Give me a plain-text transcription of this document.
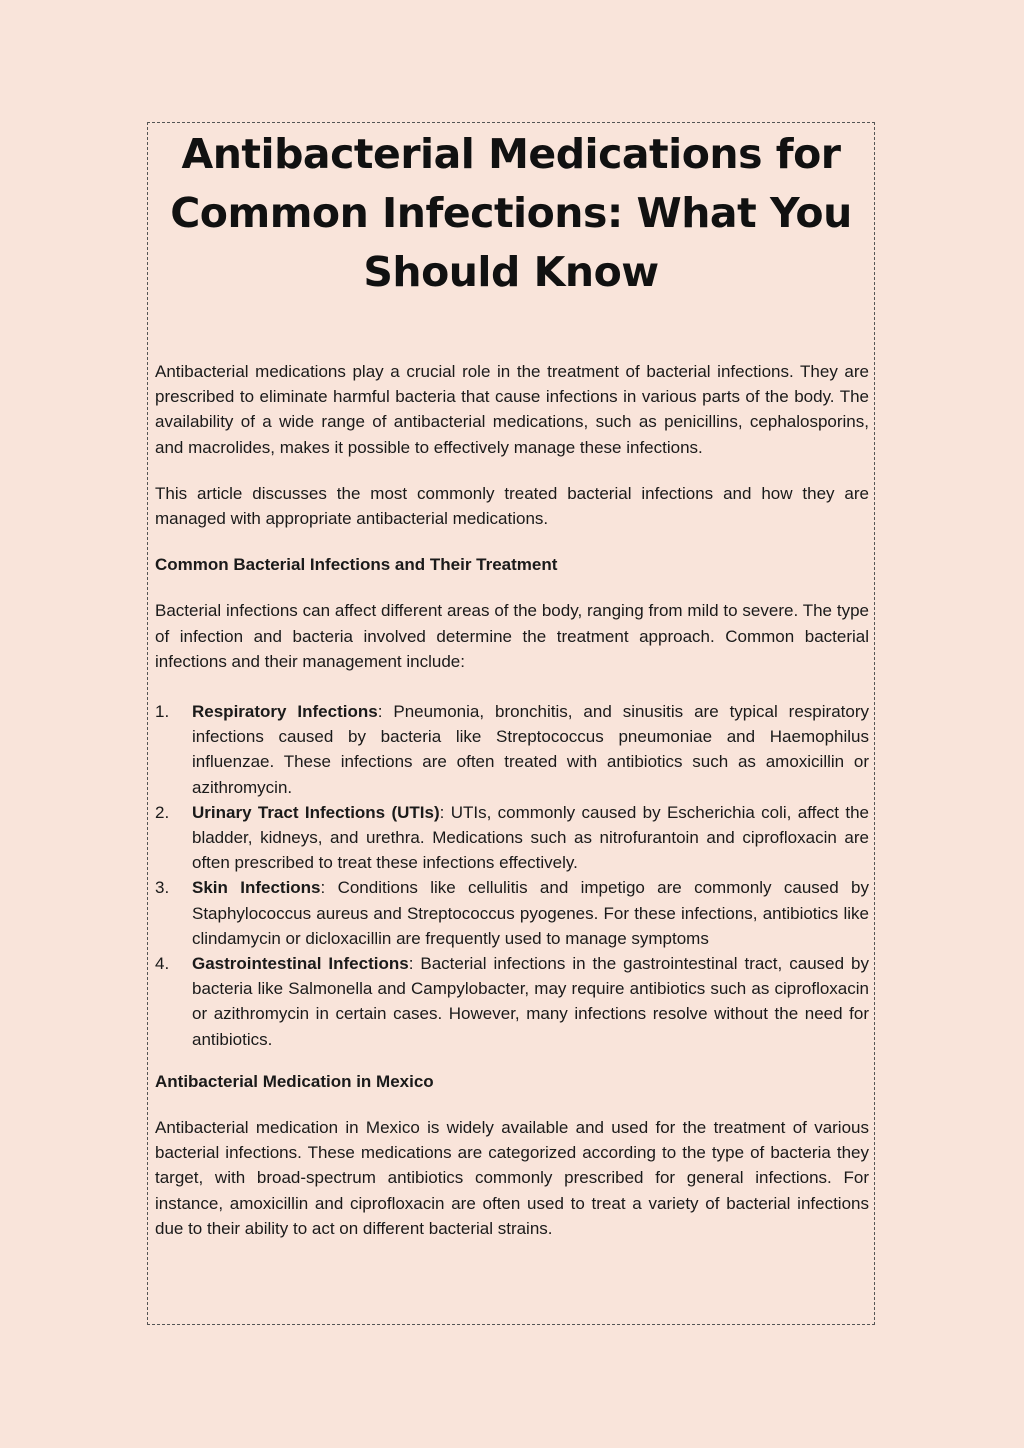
Antibacterial Medications for Common Infections: What You Should Know

Antibacterial medications play a crucial role in the treatment of bacterial infections. They are prescribed to eliminate harmful bacteria that cause infections in various parts of the body. The availability of a wide range of antibacterial medications, such as penicillins, cephalosporins, and macrolides, makes it possible to effectively manage these infections.

This article discusses the most commonly treated bacterial infections and how they are managed with appropriate antibacterial medications.

Common Bacterial Infections and Their Treatment

Bacterial infections can affect different areas of the body, ranging from mild to severe. The type of infection and bacteria involved determine the treatment approach. Common bacterial infections and their management include:

1. Respiratory Infections: Pneumonia, bronchitis, and sinusitis are typical respiratory infections caused by bacteria like Streptococcus pneumoniae and Haemophilus influenzae. These infections are often treated with antibiotics such as amoxicillin or azithromycin.
2. Urinary Tract Infections (UTIs): UTIs, commonly caused by Escherichia coli, affect the bladder, kidneys, and urethra. Medications such as nitrofurantoin and ciprofloxacin are often prescribed to treat these infections effectively.
3. Skin Infections: Conditions like cellulitis and impetigo are commonly caused by Staphylococcus aureus and Streptococcus pyogenes. For these infections, antibiotics like clindamycin or dicloxacillin are frequently used to manage symptoms
4. Gastrointestinal Infections: Bacterial infections in the gastrointestinal tract, caused by bacteria like Salmonella and Campylobacter, may require antibiotics such as ciprofloxacin or azithromycin in certain cases. However, many infections resolve without the need for antibiotics.
Antibacterial Medication in Mexico

Antibacterial medication in Mexico is widely available and used for the treatment of various bacterial infections. These medications are categorized according to the type of bacteria they target, with broad-spectrum antibiotics commonly prescribed for general infections. For instance, amoxicillin and ciprofloxacin are often used to treat a variety of bacterial infections due to their ability to act on different bacterial strains.
